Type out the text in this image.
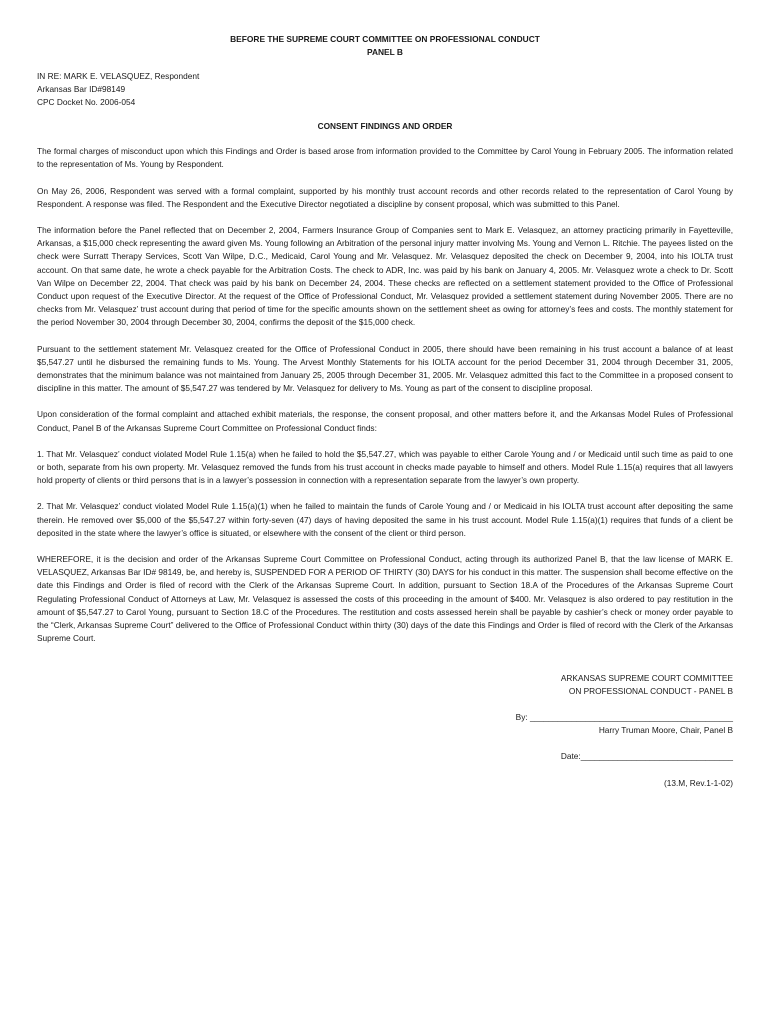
BEFORE THE SUPREME COURT COMMITTEE ON PROFESSIONAL CONDUCT
PANEL B
IN RE: MARK E. VELASQUEZ, Respondent
Arkansas Bar ID#98149
CPC Docket No. 2006-054
CONSENT FINDINGS AND ORDER

The formal charges of misconduct upon which this Findings and Order is based arose from information provided to the Committee by Carol Young in February 2005. The information related to the representation of Ms. Young by Respondent.

On May 26, 2006, Respondent was served with a formal complaint, supported by his monthly trust account records and other records related to the representation of Carol Young by Respondent. A response was filed. The Respondent and the Executive Director negotiated a discipline by consent proposal, which was submitted to this Panel.

The information before the Panel reflected that on December 2, 2004, Farmers Insurance Group of Companies sent to Mark E. Velasquez, an attorney practicing primarily in Fayetteville, Arkansas, a $15,000 check representing the award given Ms. Young following an Arbitration of the personal injury matter involving Ms. Young and Vernon L. Ritchie. The payees listed on the check were Surratt Therapy Services, Scott Van Wilpe, D.C., Medicaid, Carol Young and Mr. Velasquez. Mr. Velasquez deposited the check on December 9, 2004, into his IOLTA trust account. On that same date, he wrote a check payable for the Arbitration Costs. The check to ADR, Inc. was paid by his bank on January 4, 2005. Mr. Velasquez wrote a check to Dr. Scott Van Wilpe on December 22, 2004. That check was paid by his bank on December 24, 2004. These checks are reflected on a settlement statement provided to the Office of Professional Conduct upon request of the Executive Director. At the request of the Office of Professional Conduct, Mr. Velasquez provided a settlement statement during November 2005. There are no checks from Mr. Velasquez’ trust account during that period of time for the specific amounts shown on the settlement sheet as owing for attorney’s fees and costs. The monthly statement for the period November 30, 2004 through December 30, 2004, confirms the deposit of the $15,000 check.

Pursuant to the settlement statement Mr. Velasquez created for the Office of Professional Conduct in 2005, there should have been remaining in his trust account a balance of at least $5,547.27 until he disbursed the remaining funds to Ms. Young. The Arvest Monthly Statements for his IOLTA account for the period December 31, 2004 through December 31, 2005, demonstrates that the minimum balance was not maintained from January 25, 2005 through December 31, 2005. Mr. Velasquez admitted this fact to the Committee in a proposed consent to discipline in this matter. The amount of $5,547.27 was tendered by Mr. Velasquez for delivery to Ms. Young as part of the consent to discipline proposal.

Upon consideration of the formal complaint and attached exhibit materials, the response, the consent proposal, and other matters before it, and the Arkansas Model Rules of Professional Conduct, Panel B of the Arkansas Supreme Court Committee on Professional Conduct finds:

1. That Mr. Velasquez’ conduct violated Model Rule 1.15(a) when he failed to hold the $5,547.27, which was payable to either Carole Young and / or Medicaid until such time as paid to one or both, separate from his own property. Mr. Velasquez removed the funds from his trust account in checks made payable to himself and others. Model Rule 1.15(a) requires that all lawyers hold property of clients or third persons that is in a lawyer’s possession in connection with a representation separate from the lawyer’s own property.

2. That Mr. Velasquez’ conduct violated Model Rule 1.15(a)(1) when he failed to maintain the funds of Carole Young and / or Medicaid in his IOLTA trust account after depositing the same therein. He removed over $5,000 of the $5,547.27 within forty-seven (47) days of having deposited the same in his trust account. Model Rule 1.15(a)(1) requires that funds of a client be deposited in the state where the lawyer’s office is situated, or elsewhere with the consent of the client or third person.

WHEREFORE, it is the decision and order of the Arkansas Supreme Court Committee on Professional Conduct, acting through its authorized Panel B, that the law license of MARK E. VELASQUEZ, Arkansas Bar ID# 98149, be, and hereby is, SUSPENDED FOR A PERIOD OF THIRTY (30) DAYS for his conduct in this matter. The suspension shall become effective on the date this Findings and Order is filed of record with the Clerk of the Arkansas Supreme Court. In addition, pursuant to Section 18.A of the Procedures of the Arkansas Supreme Court Regulating Professional Conduct of Attorneys at Law, Mr. Velasquez is assessed the costs of this proceeding in the amount of $400. Mr. Velasquez is also ordered to pay restitution in the amount of $5,547.27 to Carol Young, pursuant to Section 18.C of the Procedures. The restitution and costs assessed herein shall be payable by cashier’s check or money order payable to the “Clerk, Arkansas Supreme Court” delivered to the Office of Professional Conduct within thirty (30) days of the date this Findings and Order is filed of record with the Clerk of the Arkansas Supreme Court.

ARKANSAS SUPREME COURT COMMITTEE
ON PROFESSIONAL CONDUCT - PANEL B
By: ____________________________________________
Harry Truman Moore, Chair, Panel B
Date:_________________________________
(13.M, Rev.1-1-02)
